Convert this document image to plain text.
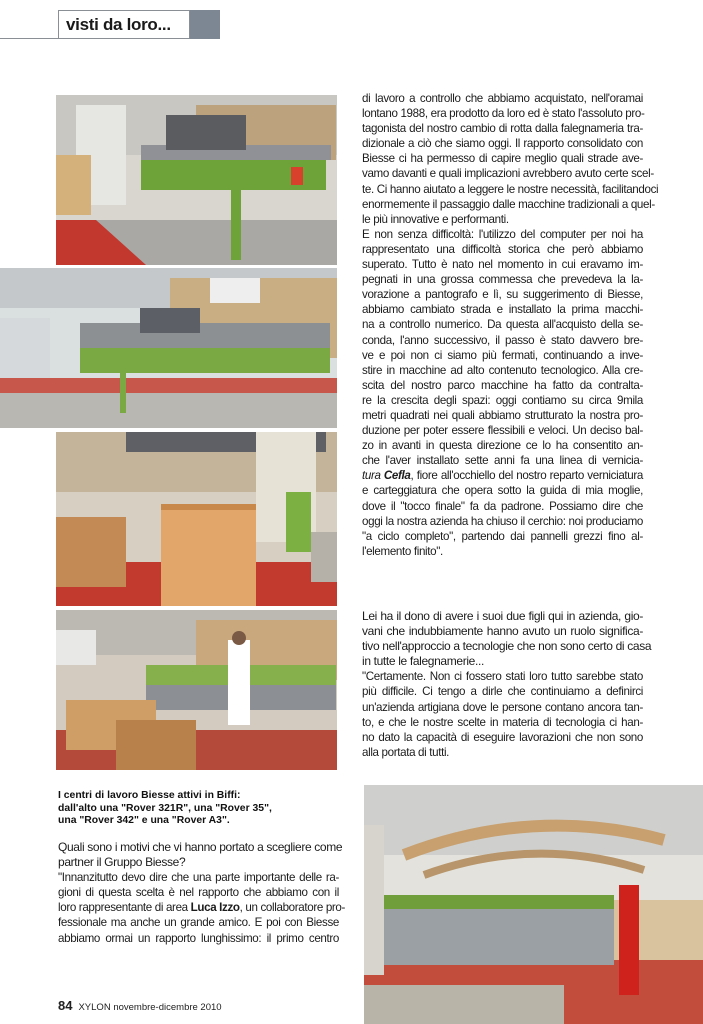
visti da loro...
I centri di lavoro Biesse attivi in Biffi:
dall'alto una "Rover 321R", una "Rover 35",
una "Rover 342" e una "Rover A3".
di lavoro a controllo che abbiamo acquistato, nell'oramai
lontano 1988, era prodotto da loro ed è stato l'assoluto pro-
tagonista del nostro cambio di rotta dalla falegnameria tra-
dizionale a ciò che siamo oggi. Il rapporto consolidato con
Biesse ci ha permesso di capire meglio quali strade ave-
vamo davanti e quali implicazioni avrebbero avuto certe scel-
te. Ci hanno aiutato a leggere le nostre necessità, facilitandoci
enormemente il passaggio dalle macchine tradizionali a quel-
le più innovative e performanti.
E non senza difficoltà: l'utilizzo del computer per noi ha
rappresentato una difficoltà storica che però abbiamo
superato. Tutto è nato nel momento in cui eravamo im-
pegnati in una grossa commessa che prevedeva la la-
vorazione a pantografo e lì, su suggerimento di Biesse,
abbiamo cambiato strada e installato la prima macchi-
na a controllo numerico. Da questa all'acquisto della se-
conda, l'anno successivo, il passo è stato davvero bre-
ve e poi non ci siamo più fermati, continuando a inve-
stire in macchine ad alto contenuto tecnologico. Alla cre-
scita del nostro parco macchine ha fatto da contralta-
re la crescita degli spazi: oggi contiamo su circa 9mila
metri quadrati nei quali abbiamo strutturato la nostra pro-
duzione per poter essere flessibili e veloci. Un deciso bal-
zo in avanti in questa direzione ce lo ha consentito an-
che l'aver installato sette anni fa una linea di vernicia-
tura Cefla, fiore all'occhiello del nostro reparto verniciatura
e carteggiatura che opera sotto la guida di mia moglie,
dove il "tocco finale" fa da padrone. Possiamo dire che
oggi la nostra azienda ha chiuso il cerchio: noi produciamo
"a ciclo completo", partendo dai pannelli grezzi fino al-
l'elemento finito".
Lei ha il dono di avere i suoi due figli qui in azienda, gio-
vani che indubbiamente hanno avuto un ruolo significa-
tivo nell'approccio a tecnologie che non sono certo di casa
in tutte le falegnamerie...
"Certamente. Non ci fossero stati loro tutto sarebbe stato
più difficile. Ci tengo a dirle che continuiamo a definirci
un'azienda artigiana dove le persone contano ancora tan-
to, e che le nostre scelte in materia di tecnologia ci han-
no dato la capacità di eseguire lavorazioni che non sono
alla portata di tutti.
Quali sono i motivi che vi hanno portato a scegliere come
partner il Gruppo Biesse?
"Innanzitutto devo dire che una parte importante delle ra-
gioni di questa scelta è nel rapporto che abbiamo con il
loro rappresentante di area Luca Izzo, un collaboratore pro-
fessionale ma anche un grande amico. E poi con Biesse
abbiamo ormai un rapporto lunghissimo: il primo centro
84 XYLON novembre-dicembre 2010
